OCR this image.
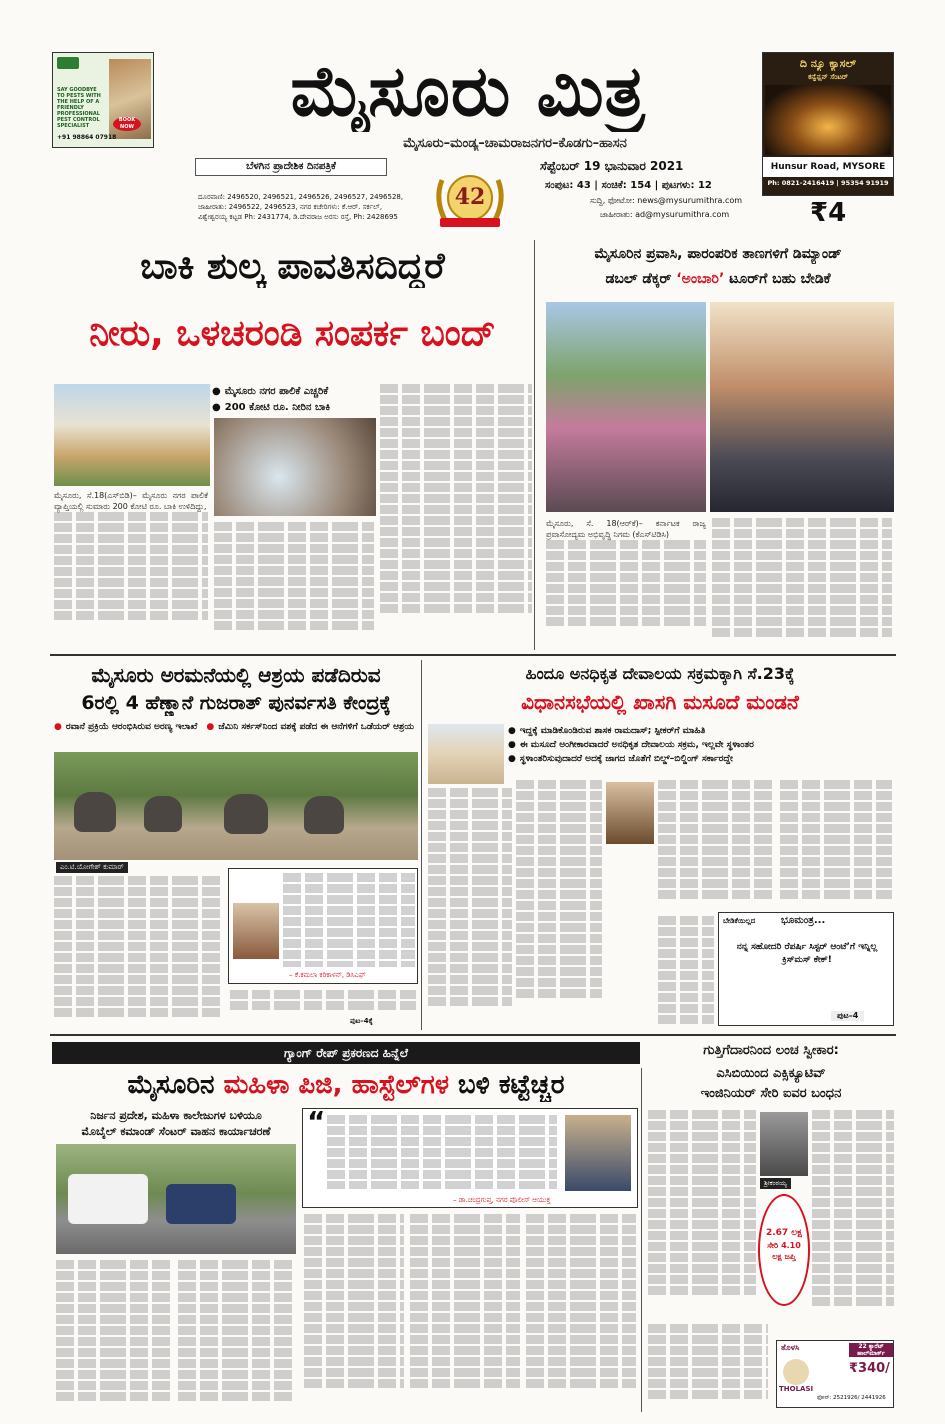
SAY GOODBYE TO PESTS WITH THE HELP OF A FRIENDLY PROFESSIONAL PEST CONTROL SPECIALIST
BOOK NOW
+91 98864 07918
ಮೈಸೂರು ಮಿತ್ರ
ಮೈಸೂರು–ಮಂಡ್ಯ–ಚಾಮರಾಜನಗರ–ಕೊಡಗು–ಹಾಸನ
ಬೆಳಗಿನ ಪ್ರಾದೇಶಿಕ ದಿನಪತ್ರಿಕೆ
42
ಸೆಪ್ಟೆಂಬರ್ 19 ಭಾನುವಾರ 2021
ಸಂಪುಟ: 43 | ಸಂಚಿಕೆ: 154 | ಪುಟಗಳು: 12
ದೂರವಾಣಿ: 2496520, 2496521, 2496526, 2496527, 2496528,
ಜಾಹೀರಾತು: 2496522, 2496523, ನಗರ ಕಚೇರಿಗಳು: ಕೆ.ಆರ್. ಸರ್ಕಲ್,
ವಿಶ್ವೇಶ್ವರಯ್ಯ ಕಟ್ಟಡ Ph: 2431774, ಡಿ.ದೇವರಾಜ ಅರಸು ರಸ್ತೆ, Ph: 2428695
ಸುದ್ದಿ, ಫೋಟೋ: news@mysurumithra.com
ಜಾಹೀರಾತು: ad@mysurumithra.com
ದಿ ನ್ಯೂ ಕ್ಯಾಸಲ್
ಕನ್ವೆನ್ಷನ್ ಸೆಂಟರ್
Hunsur Road, MYSORE
Ph: 0821-2416419 | 95354 91919
₹4
ಬಾಕಿ ಶುಲ್ಕ ಪಾವತಿಸದಿದ್ದರೆ
ನೀರು, ಒಳಚರಂಡಿ ಸಂಪರ್ಕ ಬಂದ್
● ಮೈಸೂರು ನಗರ ಪಾಲಿಕೆ ಎಚ್ಚರಿಕೆ
● 200 ಕೋಟಿ ರೂ. ನೀರಿನ ಬಾಕಿ
ಮೈಸೂರು, ಸೆ.18(ಎಸ್‌ಬಿಡಿ)– ಮೈಸೂರು ನಗರ ಪಾಲಿಕೆ ವ್ಯಾಪ್ತಿಯಲ್ಲಿ ಸುಮಾರು 200 ಕೋಟಿ ರೂ. ಬಾಕಿ ಉಳಿದಿದ್ದು,
ಮೈಸೂರಿನ ಪ್ರವಾಸಿ, ಪಾರಂಪರಿಕ ತಾಣಗಳಿಗೆ ಡಿಮ್ಯಾಂಡ್
ಡಬಲ್ ಡೆಕ್ಕರ್ ‘ಅಂಬಾರಿ’ ಟೂರ್‌ಗೆ ಬಹು ಬೇಡಿಕೆ
ಮೈಸೂರು, ಸೆ. 18(ಆರ್‌ಕೆ)– ಕರ್ನಾಟಕ ರಾಜ್ಯ ಪ್ರವಾಸೋದ್ಯಮ ಅಭಿವೃದ್ಧಿ ನಿಗಮ (ಕೆಎಸ್‌ಟಿಡಿಸಿ)
ಮೈಸೂರು ಅರಮನೆಯಲ್ಲಿ ಆಶ್ರಯ ಪಡೆದಿರುವ
6ರಲ್ಲಿ 4 ಹೆಣ್ಣಾನೆ ಗುಜರಾತ್ ಪುನರ್ವಸತಿ ಕೇಂದ್ರಕ್ಕೆ
● ರವಾನೆ ಪ್ರಕ್ರಿಯೆ ಆರಂಭಿಸಿರುವ ಅರಣ್ಯ ಇಲಾಖೆ ● ಜೆಮಿನಿ ಸರ್ಕಸ್‌ನಿಂದ ವಶಕ್ಕೆ ಪಡೆದ ಈ ಆನೆಗಳಿಗೆ ಒಡೆಯರ್ ಆಶ್ರಯ
ಎಂ.ಟಿ.ಯೋಗೇಶ್ ಕುಮಾರ್
– ಕೆ.ಕಮಲಾ ಕರಿಕಾಳನ್, ಡಿಸಿಎಫ್
ಪುಟ–4ಕ್ಕೆ
ಹಿಂದೂ ಅನಧಿಕೃತ ದೇವಾಲಯ ಸಕ್ರಮಕ್ಕಾಗಿ ಸೆ.23ಕ್ಕೆ
ವಿಧಾನಸಭೆಯಲ್ಲಿ ಖಾಸಗಿ ಮಸೂದೆ ಮಂಡನೆ
● ಇದ್ದಕ್ಕೆ ಮಾಡಿಕೊಂಡಿರುವ ಶಾಸಕ ರಾಮದಾಸ್; ಸ್ಪೀಕರ್‌ಗೆ ಮಾಹಿತಿ
● ಈ ಮಸೂದೆ ಅಂಗೀಕಾರವಾದರೆ ಅನಧಿಕೃತ ದೇವಾಲಯ ಸಕ್ರಮ, ಇಲ್ಲವೇ ಸ್ಥಳಾಂತರ
● ಸ್ಥಳಾಂತರಿಸುವುದಾದರೆ ಅದಕ್ಕೆ ಜಾಗದ ಜೊತೆಗೆ ಬಿಲ್ಡ್‌–ಬಿಲ್ಡಿಂಗ್ ಸರ್ಕಾರದ್ದೇ
ಬೇಡಿಕೆಯಿಲ್ಲದ	ಭೂಮಂತ್ರ...
ನನ್ನ ಸಹೋದರಿ ರೆಪರ್ಷಿ ಸಿಸ್ಟರ್ ಆಂಟೆ’ಗೆ ಇನ್ನಿಲ್ಲ ಕ್ರಿಸ್‌ಮಸ್ ಕೇಕ್!
ಪುಟ–4
ಗ್ಯಾಂಗ್ ರೇಪ್ ಪ್ರಕರಣದ ಹಿನ್ನೆಲೆ
ಮೈಸೂರಿನ ಮಹಿಳಾ ಪಿಜಿ, ಹಾಸ್ಟೆಲ್‌ಗಳ ಬಳಿ ಕಟ್ಟೆಚ್ಚರ
ನಿರ್ಜನ ಪ್ರದೇಶ, ಮಹಿಳಾ ಕಾಲೇಜುಗಳ ಬಳಿಯೂ
ಮೊಬೈಲ್ ಕಮಾಂಡ್ ಸೆಂಟರ್ ವಾಹನ ಕಾರ್ಯಾಚರಣೆ	“
– ಡಾ.ಚಂದ್ರಗುಪ್ತ, ನಗರ ಪೊಲೀಸ್ ಆಯುಕ್ತ
ಗುತ್ತಿಗೆದಾರನಿಂದ ಲಂಚ ಸ್ವೀಕಾರ:
ಎಸಿಬಿಯಿಂದ ಎಕ್ಸಿಕ್ಯೂಟಿವ್
ಇಂಜಿನಿಯರ್ ಸೇರಿ ಐವರ ಬಂಧನ
ಶ್ರೀಕಂಠಯ್ಯ
2.67 ಲಕ್ಷ
ಸೇರಿ 4.10 ಲಕ್ಷ ಜಪ್ತಿ
ತೊಳಸಿ	22 ಕ್ಯಾರೆಟ್ ಹಾಲ್‌ಮಾರ್ಕ್
THOLASI
₹340/
ಫೋನ್: 2521926/ 2441926
